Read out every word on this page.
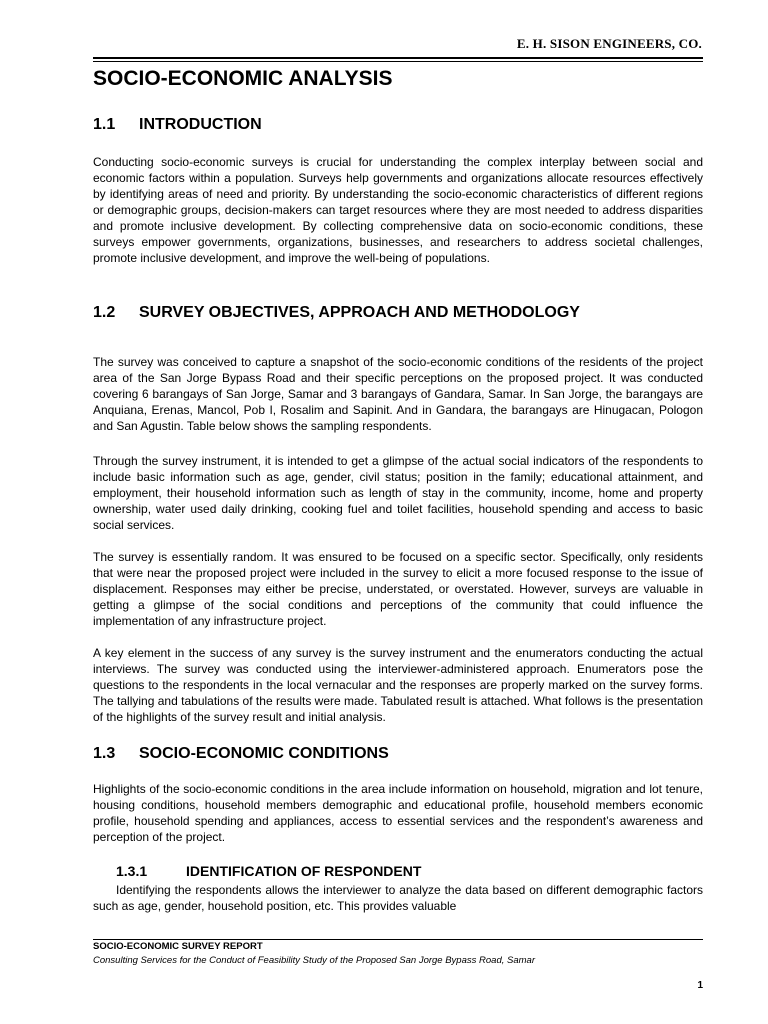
E. H. SISON ENGINEERS, CO.
SOCIO-ECONOMIC ANALYSIS
1.1 INTRODUCTION

Conducting socio-economic surveys is crucial for understanding the complex interplay between social and economic factors within a population. Surveys help governments and organizations allocate resources effectively by identifying areas of need and priority. By understanding the socio-economic characteristics of different regions or demographic groups, decision-makers can target resources where they are most needed to address disparities and promote inclusive development. By collecting comprehensive data on socio-economic conditions, these surveys empower governments, organizations, businesses, and researchers to address societal challenges, promote inclusive development, and improve the well-being of populations.

1.2 SURVEY OBJECTIVES, APPROACH AND METHODOLOGY

The survey was conceived to capture a snapshot of the socio-economic conditions of the residents of the project area of the San Jorge Bypass Road and their specific perceptions on the proposed project. It was conducted covering 6 barangays of San Jorge, Samar and 3 barangays of Gandara, Samar. In San Jorge, the barangays are Anquiana, Erenas, Mancol, Pob I, Rosalim and Sapinit. And in Gandara, the barangays are Hinugacan, Pologon and San Agustin. Table below shows the sampling respondents.

Through the survey instrument, it is intended to get a glimpse of the actual social indicators of the respondents to include basic information such as age, gender, civil status; position in the family; educational attainment, and employment, their household information such as length of stay in the community, income, home and property ownership, water used daily drinking, cooking fuel and toilet facilities, household spending and access to basic social services.

The survey is essentially random. It was ensured to be focused on a specific sector. Specifically, only residents that were near the proposed project were included in the survey to elicit a more focused response to the issue of displacement. Responses may either be precise, understated, or overstated. However, surveys are valuable in getting a glimpse of the social conditions and perceptions of the community that could influence the implementation of any infrastructure project.

A key element in the success of any survey is the survey instrument and the enumerators conducting the actual interviews. The survey was conducted using the interviewer-administered approach. Enumerators pose the questions to the respondents in the local vernacular and the responses are properly marked on the survey forms. The tallying and tabulations of the results were made. Tabulated result is attached. What follows is the presentation of the highlights of the survey result and initial analysis.

1.3 SOCIO-ECONOMIC CONDITIONS

Highlights of the socio-economic conditions in the area include information on household, migration and lot tenure, housing conditions, household members demographic and educational profile, household members economic profile, household spending and appliances, access to essential services and the respondent’s awareness and perception of the project.

1.3.1	IDENTIFICATION OF RESPONDENT

Identifying the respondents allows the interviewer to analyze the data based on different demographic factors such as age, gender, household position, etc. This provides valuable

SOCIO-ECONOMIC SURVEY REPORT
Consulting Services for the Conduct of Feasibility Study of the Proposed San Jorge Bypass Road, Samar
1
